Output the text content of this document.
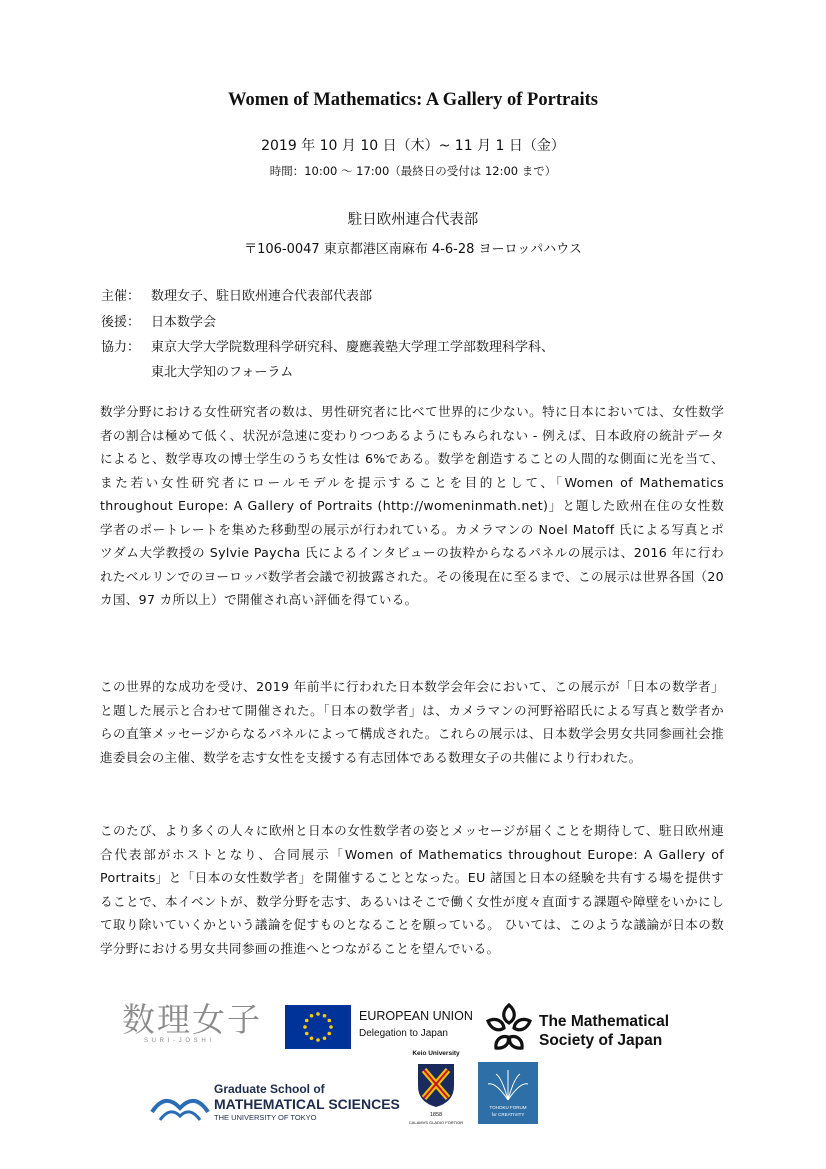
Women of Mathematics: A Gallery of Portraits
2019 年 10 月 10 日（木）~ 11 月 1 日（金）
時間：10:00 ～ 17:00（最終日の受付は 12:00 まで）
駐日欧州連合代表部
〒106-0047 東京都港区南麻布 4-6-28 ヨーロッパハウス
主催： 数理女子、駐日欧州連合代表部代表部
後援： 日本数学会
協力： 東京大学大学院数理科学研究科、慶應義塾大学理工学部数理科学科、
東北大学知のフォーラム
数学分野における女性研究者の数は、男性研究者に比べて世界的に少ない。特に日本においては、女性数学者の割合は極めて低く、状況が急速に変わりつつあるようにもみられない - 例えば、日本政府の統計データによると、数学専攻の博士学生のうち女性は 6%である。数学を創造することの人間的な側面に光を当て、また若い女性研究者にロールモデルを提示することを目的として、「Women of Mathematics throughout Europe: A Gallery of Portraits (http://womeninmath.net)」と題した欧州在住の女性数学者のポートレートを集めた移動型の展示が行われている。カメラマンの Noel Matoff 氏による写真とポツダム大学教授の Sylvie Paycha 氏によるインタビューの抜粋からなるパネルの展示は、2016 年に行われたベルリンでのヨーロッパ数学者会議で初披露された。その後現在に至るまで、この展示は世界各国（20 カ国、97 カ所以上）で開催され高い評価を得ている。
この世界的な成功を受け、2019 年前半に行われた日本数学会年会において、この展示が「日本の数学者」と題した展示と合わせて開催された。「日本の数学者」は、カメラマンの河野裕昭氏による写真と数学者からの直筆メッセージからなるパネルによって構成された。これらの展示は、日本数学会男女共同参画社会推進委員会の主催、数学を志す女性を支援する有志団体である数理女子の共催により行われた。
このたび、より多くの人々に欧州と日本の女性数学者の姿とメッセージが届くことを期待して、駐日欧州連合代表部がホストとなり、合同展示「Women of Mathematics throughout Europe: A Gallery of Portraits」と「日本の女性数学者」を開催することとなった。EU 諸国と日本の経験を共有する場を提供することで、本イベントが、数学分野を志す、あるいはそこで働く女性が度々直面する課題や障壁をいかにして取り除いていくかという議論を促すものとなることを願っている。 ひいては、このような議論が日本の数学分野における男女共同参画の推進へとつながることを望んでいる。
数理女子
S U R I - J O S H I
EUROPEAN UNION
Delegation to Japan
The Mathematical
Society of Japan
Graduate School of
MATHEMATICAL SCIENCES
THE UNIVERSITY OF TOKYO
Keio University
1858
CALAMVS GLADIO FORTIOR
TOHOKU FORUM
for CREATIVITY
